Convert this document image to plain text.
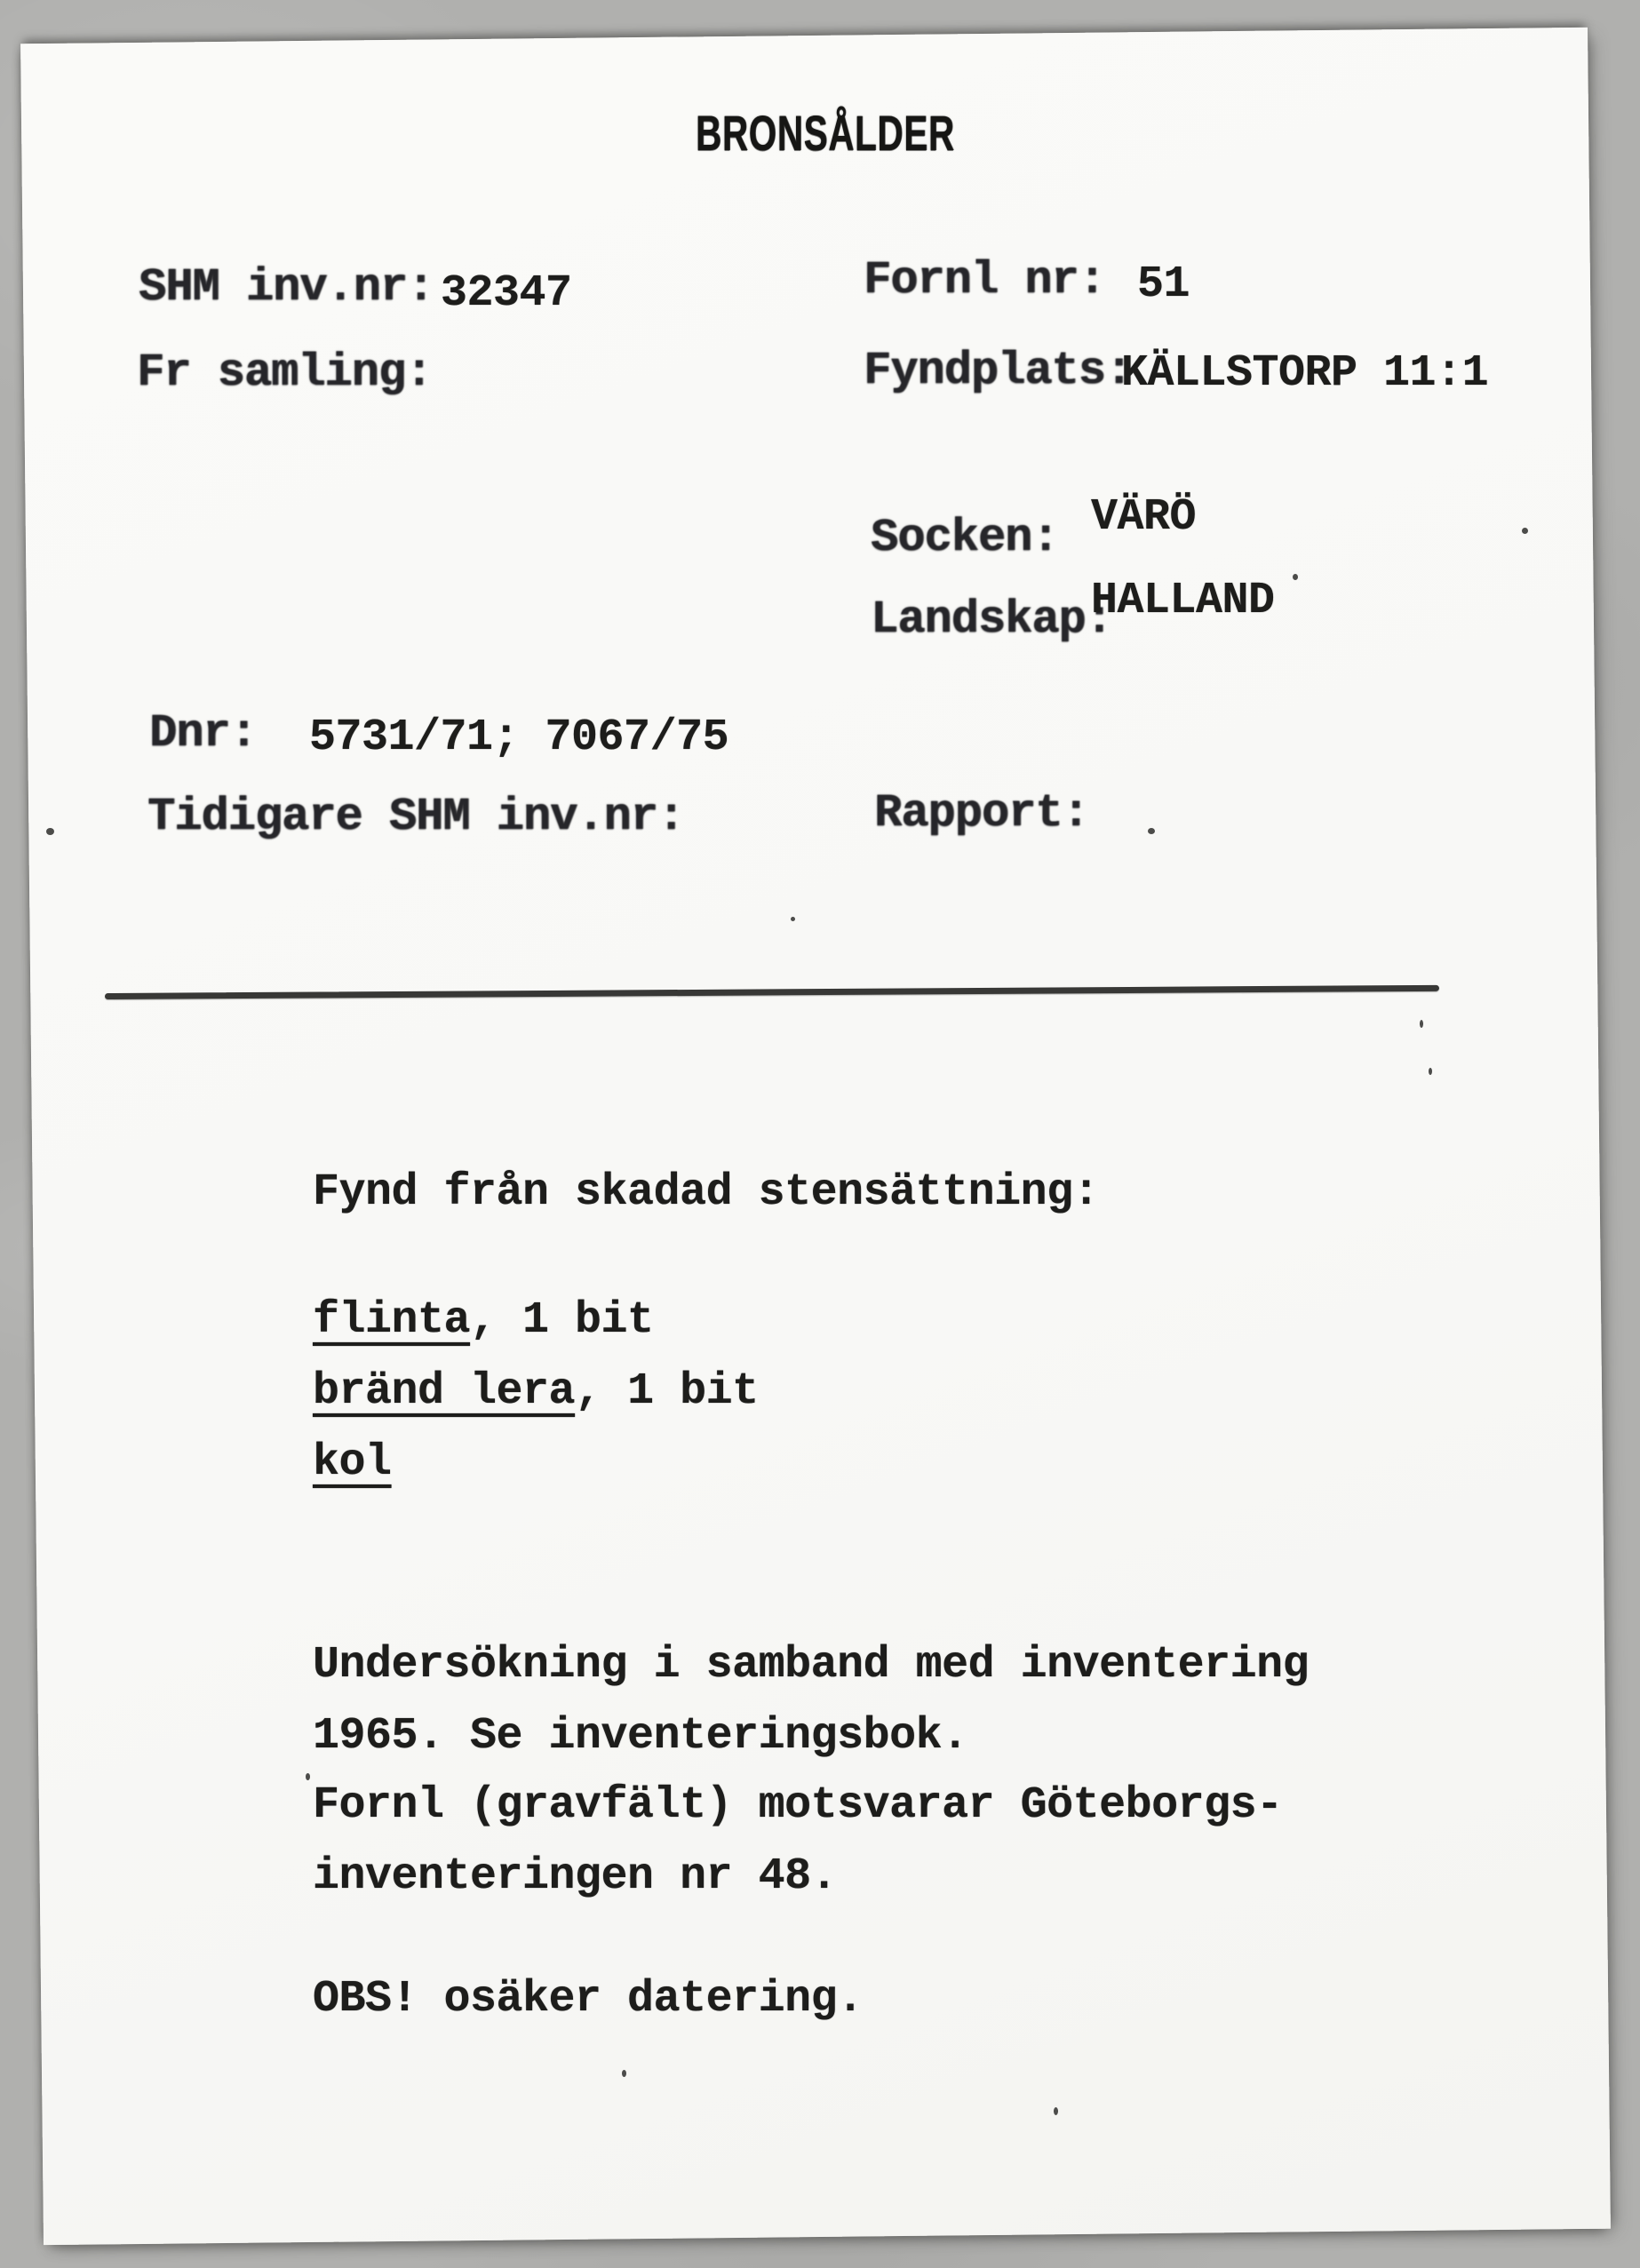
BRONSÅLDER
SHM inv.nr: 32347
Fr samling:
Dnr: 5731/71; 7067/75
Tidigare SHM inv.nr:
Fornl nr: 51
Fyndplats:
KÄLLSTORP 11:1
Socken: VÄRÖ
Landskap:
HALLAND
Rapport:
Fynd från skadad stensättning:
flinta, 1 bit
bränd lera, 1 bit
kol
Undersökning i samband med inventering
1965. Se inventeringsbok.
Fornl (gravfält) motsvarar Göteborgs-
inventeringen nr 48.
OBS! osäker datering.
